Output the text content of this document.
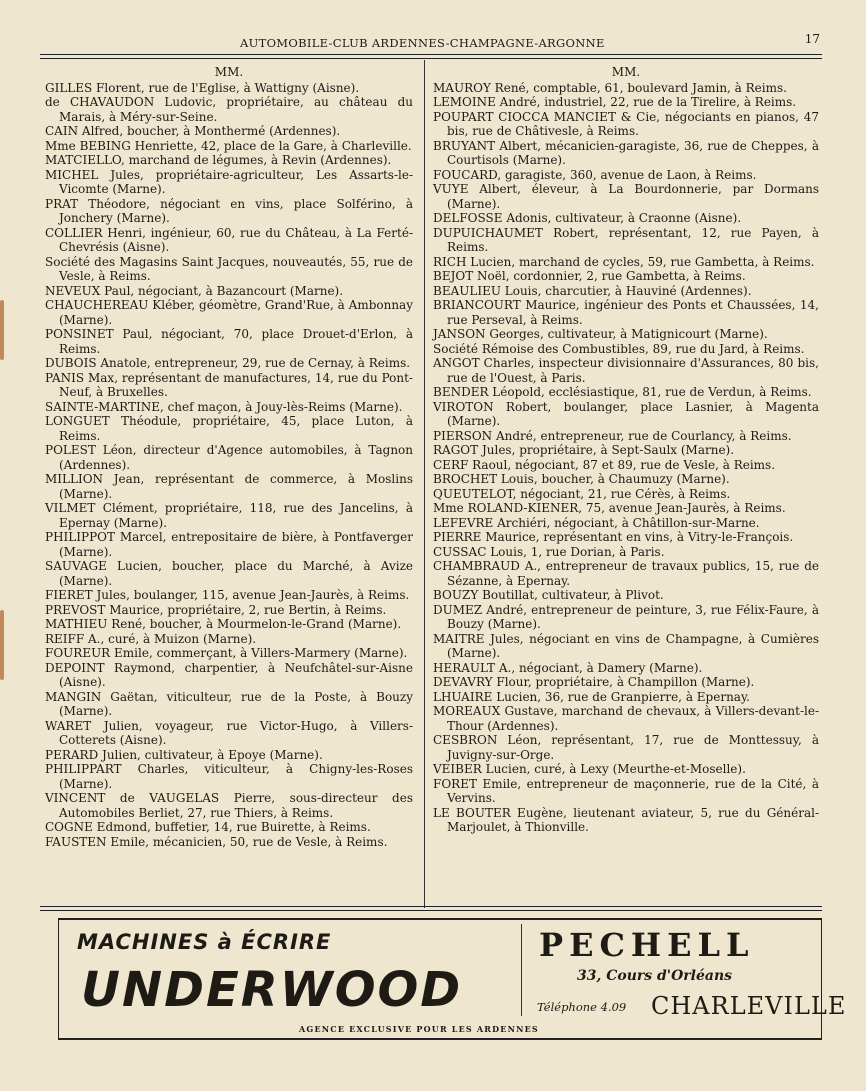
AUTOMOBILE-CLUB ARDENNES-CHAMPAGNE-ARGONNE	17
MM.
GILLES Florent, rue de l'Eglise, à Wattigny (Aisne).
de CHAVAUDON Ludovic, propriétaire, au château du Marais, à Méry-sur-Seine.
CAIN Alfred, boucher, à Monthermé (Ardennes).
Mme BEBING Henriette, 42, place de la Gare, à Charleville.
MATCIELLO, marchand de légumes, à Revin (Ardennes).
MICHEL Jules, propriétaire-agriculteur, Les Assarts-le-Vicomte (Marne).
PRAT Théodore, négociant en vins, place Solférino, à Jonchery (Marne).
COLLIER Henri, ingénieur, 60, rue du Château, à La Ferté-Chevrésis (Aisne).
Société des Magasins Saint Jacques, nouveautés, 55, rue de Vesle, à Reims.
NEVEUX Paul, négociant, à Bazancourt (Marne).
CHAUCHEREAU Kléber, géomètre, Grand'Rue, à Ambonnay (Marne).
PONSINET Paul, négociant, 70, place Drouet-d'Erlon, à Reims.
DUBOIS Anatole, entrepreneur, 29, rue de Cernay, à Reims.
PANIS Max, représentant de manufactures, 14, rue du Pont-Neuf, à Bruxelles.
SAINTE-MARTINE, chef maçon, à Jouy-lès-Reims (Marne).
LONGUET Théodule, propriétaire, 45, place Luton, à Reims.
POLEST Léon, directeur d'Agence automobiles, à Tagnon (Ardennes).
MILLION Jean, représentant de commerce, à Moslins (Marne).
VILMET Clément, propriétaire, 118, rue des Jancelins, à Epernay (Marne).
PHILIPPOT Marcel, entrepositaire de bière, à Pontfaverger (Marne).
SAUVAGE Lucien, boucher, place du Marché, à Avize (Marne).
FIERET Jules, boulanger, 115, avenue Jean-Jaurès, à Reims.
PREVOST Maurice, propriétaire, 2, rue Bertin, à Reims.
MATHIEU René, boucher, à Mourmelon-le-Grand (Marne).
REIFF A., curé, à Muizon (Marne).
FOUREUR Emile, commerçant, à Villers-Marmery (Marne).
DEPOINT Raymond, charpentier, à Neufchâtel-sur-Aisne (Aisne).
MANGIN Gaëtan, viticulteur, rue de la Poste, à Bouzy (Marne).
WARET Julien, voyageur, rue Victor-Hugo, à Villers-Cotterets (Aisne).
PERARD Julien, cultivateur, à Epoye (Marne).
PHILIPPART Charles, viticulteur, à Chigny-les-Roses (Marne).
VINCENT de VAUGELAS Pierre, sous-directeur des Automobiles Berliet, 27, rue Thiers, à Reims.
COGNE Edmond, buffetier, 14, rue Buirette, à Reims.
FAUSTEN Emile, mécanicien, 50, rue de Vesle, à Reims.
MM.
MAUROY René, comptable, 61, boulevard Jamin, à Reims.
LEMOINE André, industriel, 22, rue de la Tirelire, à Reims.
POUPART CIOCCA MANCIET & Cie, négociants en pianos, 47 bis, rue de Châtivesle, à Reims.
BRUYANT Albert, mécanicien-garagiste, 36, rue de Cheppes, à Courtisols (Marne).
FOUCARD, garagiste, 360, avenue de Laon, à Reims.
VUYE Albert, éleveur, à La Bourdonnerie, par Dormans (Marne).
DELFOSSE Adonis, cultivateur, à Craonne (Aisne).
DUPUICHAUMET Robert, représentant, 12, rue Payen, à Reims.
RICH Lucien, marchand de cycles, 59, rue Gambetta, à Reims.
BEJOT Noël, cordonnier, 2, rue Gambetta, à Reims.
BEAULIEU Louis, charcutier, à Hauviné (Ardennes).
BRIANCOURT Maurice, ingénieur des Ponts et Chaussées, 14, rue Perseval, à Reims.
JANSON Georges, cultivateur, à Matignicourt (Marne).
Société Rémoise des Combustibles, 89, rue du Jard, à Reims.
ANGOT Charles, inspecteur divisionnaire d'Assurances, 80 bis, rue de l'Ouest, à Paris.
BENDER Léopold, ecclésiastique, 81, rue de Verdun, à Reims.
VIROTON Robert, boulanger, place Lasnier, à Magenta (Marne).
PIERSON André, entrepreneur, rue de Courlancy, à Reims.
RAGOT Jules, propriétaire, à Sept-Saulx (Marne).
CERF Raoul, négociant, 87 et 89, rue de Vesle, à Reims.
BROCHET Louis, boucher, à Chaumuzy (Marne).
QUEUTELOT, négociant, 21, rue Cérès, à Reims.
Mme ROLAND-KIENER, 75, avenue Jean-Jaurès, à Reims.
LEFEVRE Archiéri, négociant, à Châtillon-sur-Marne.
PIERRE Maurice, représentant en vins, à Vitry-le-François.
CUSSAC Louis, 1, rue Dorian, à Paris.
CHAMBRAUD A., entrepreneur de travaux publics, 15, rue de Sézanne, à Epernay.
BOUZY Boutillat, cultivateur, à Plivot.
DUMEZ André, entrepreneur de peinture, 3, rue Félix-Faure, à Bouzy (Marne).
MAITRE Jules, négociant en vins de Champagne, à Cumières (Marne).
HERAULT A., négociant, à Damery (Marne).
DEVAVRY Flour, propriétaire, à Champillon (Marne).
LHUAIRE Lucien, 36, rue de Granpierre, à Epernay.
MOREAUX Gustave, marchand de chevaux, à Villers-devant-le-Thour (Ardennes).
CESBRON Léon, représentant, 17, rue de Monttessuy, à Juvigny-sur-Orge.
VEIBER Lucien, curé, à Lexy (Meurthe-et-Moselle).
FORET Emile, entrepreneur de maçonnerie, rue de la Cité, à Vervins.
LE BOUTER Eugène, lieutenant aviateur, 5, rue du Général-Marjoulet, à Thionville.
MACHINES à ÉCRIRE
UNDERWOOD
AGENCE EXCLUSIVE POUR LES ARDENNES
PECHELL
33, Cours d'Orléans
Téléphone 4.09 CHARLEVILLE
